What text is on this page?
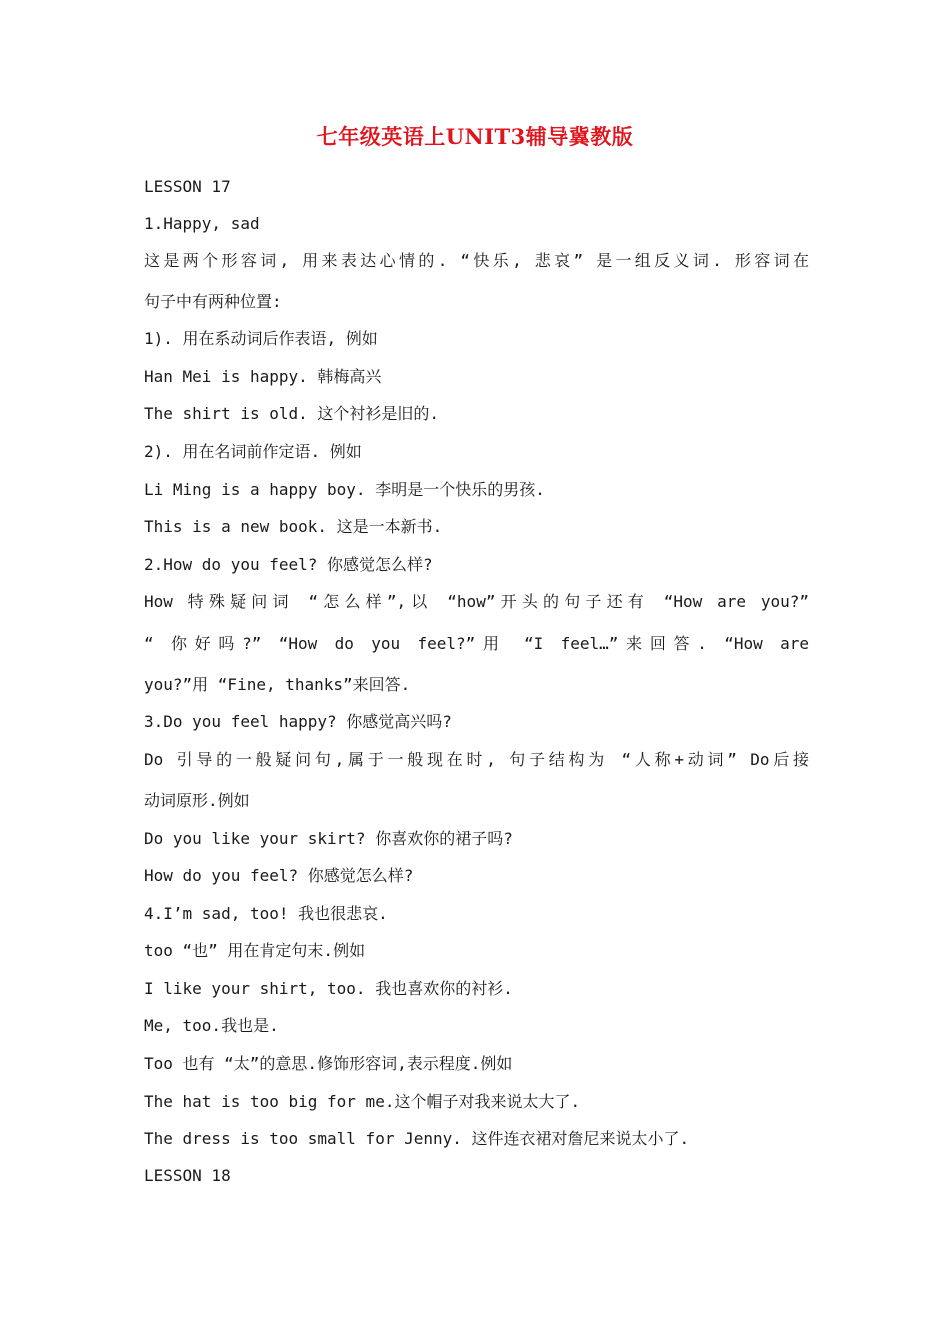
七年级英语上UNIT3辅导冀教版
LESSON 17
1.Happy, sad
这是两个形容词, 用来表达心情的. “快乐, 悲哀” 是一组反义词. 形容词在
句子中有两种位置:
1). 用在系动词后作表语, 例如
Han Mei is happy. 韩梅高兴
The shirt is old. 这个衬衫是旧的.
2). 用在名词前作定语. 例如
Li Ming is a happy boy. 李明是一个快乐的男孩.
This is a new book. 这是一本新书.
2.How do you feel? 你感觉怎么样?
How 特殊疑问词 “怎么样”,以 “how”开头的句子还有 “How are you?”
“ 你好吗?” “How do you feel?”用 “I feel…”来回答. “How are
you?”用 “Fine, thanks”来回答.
3.Do you feel happy? 你感觉高兴吗?
Do 引导的一般疑问句,属于一般现在时, 句子结构为 “人称+动词” Do后接
动词原形.例如
Do you like your skirt? 你喜欢你的裙子吗?
How do you feel? 你感觉怎么样?
4.I’m sad, too! 我也很悲哀.
too “也” 用在肯定句末.例如
I like your shirt, too. 我也喜欢你的衬衫.
Me, too.我也是.
Too 也有 “太”的意思.修饰形容词,表示程度.例如
The hat is too big for me.这个帽子对我来说太大了.
The dress is too small for Jenny. 这件连衣裙对詹尼来说太小了.
LESSON 18
